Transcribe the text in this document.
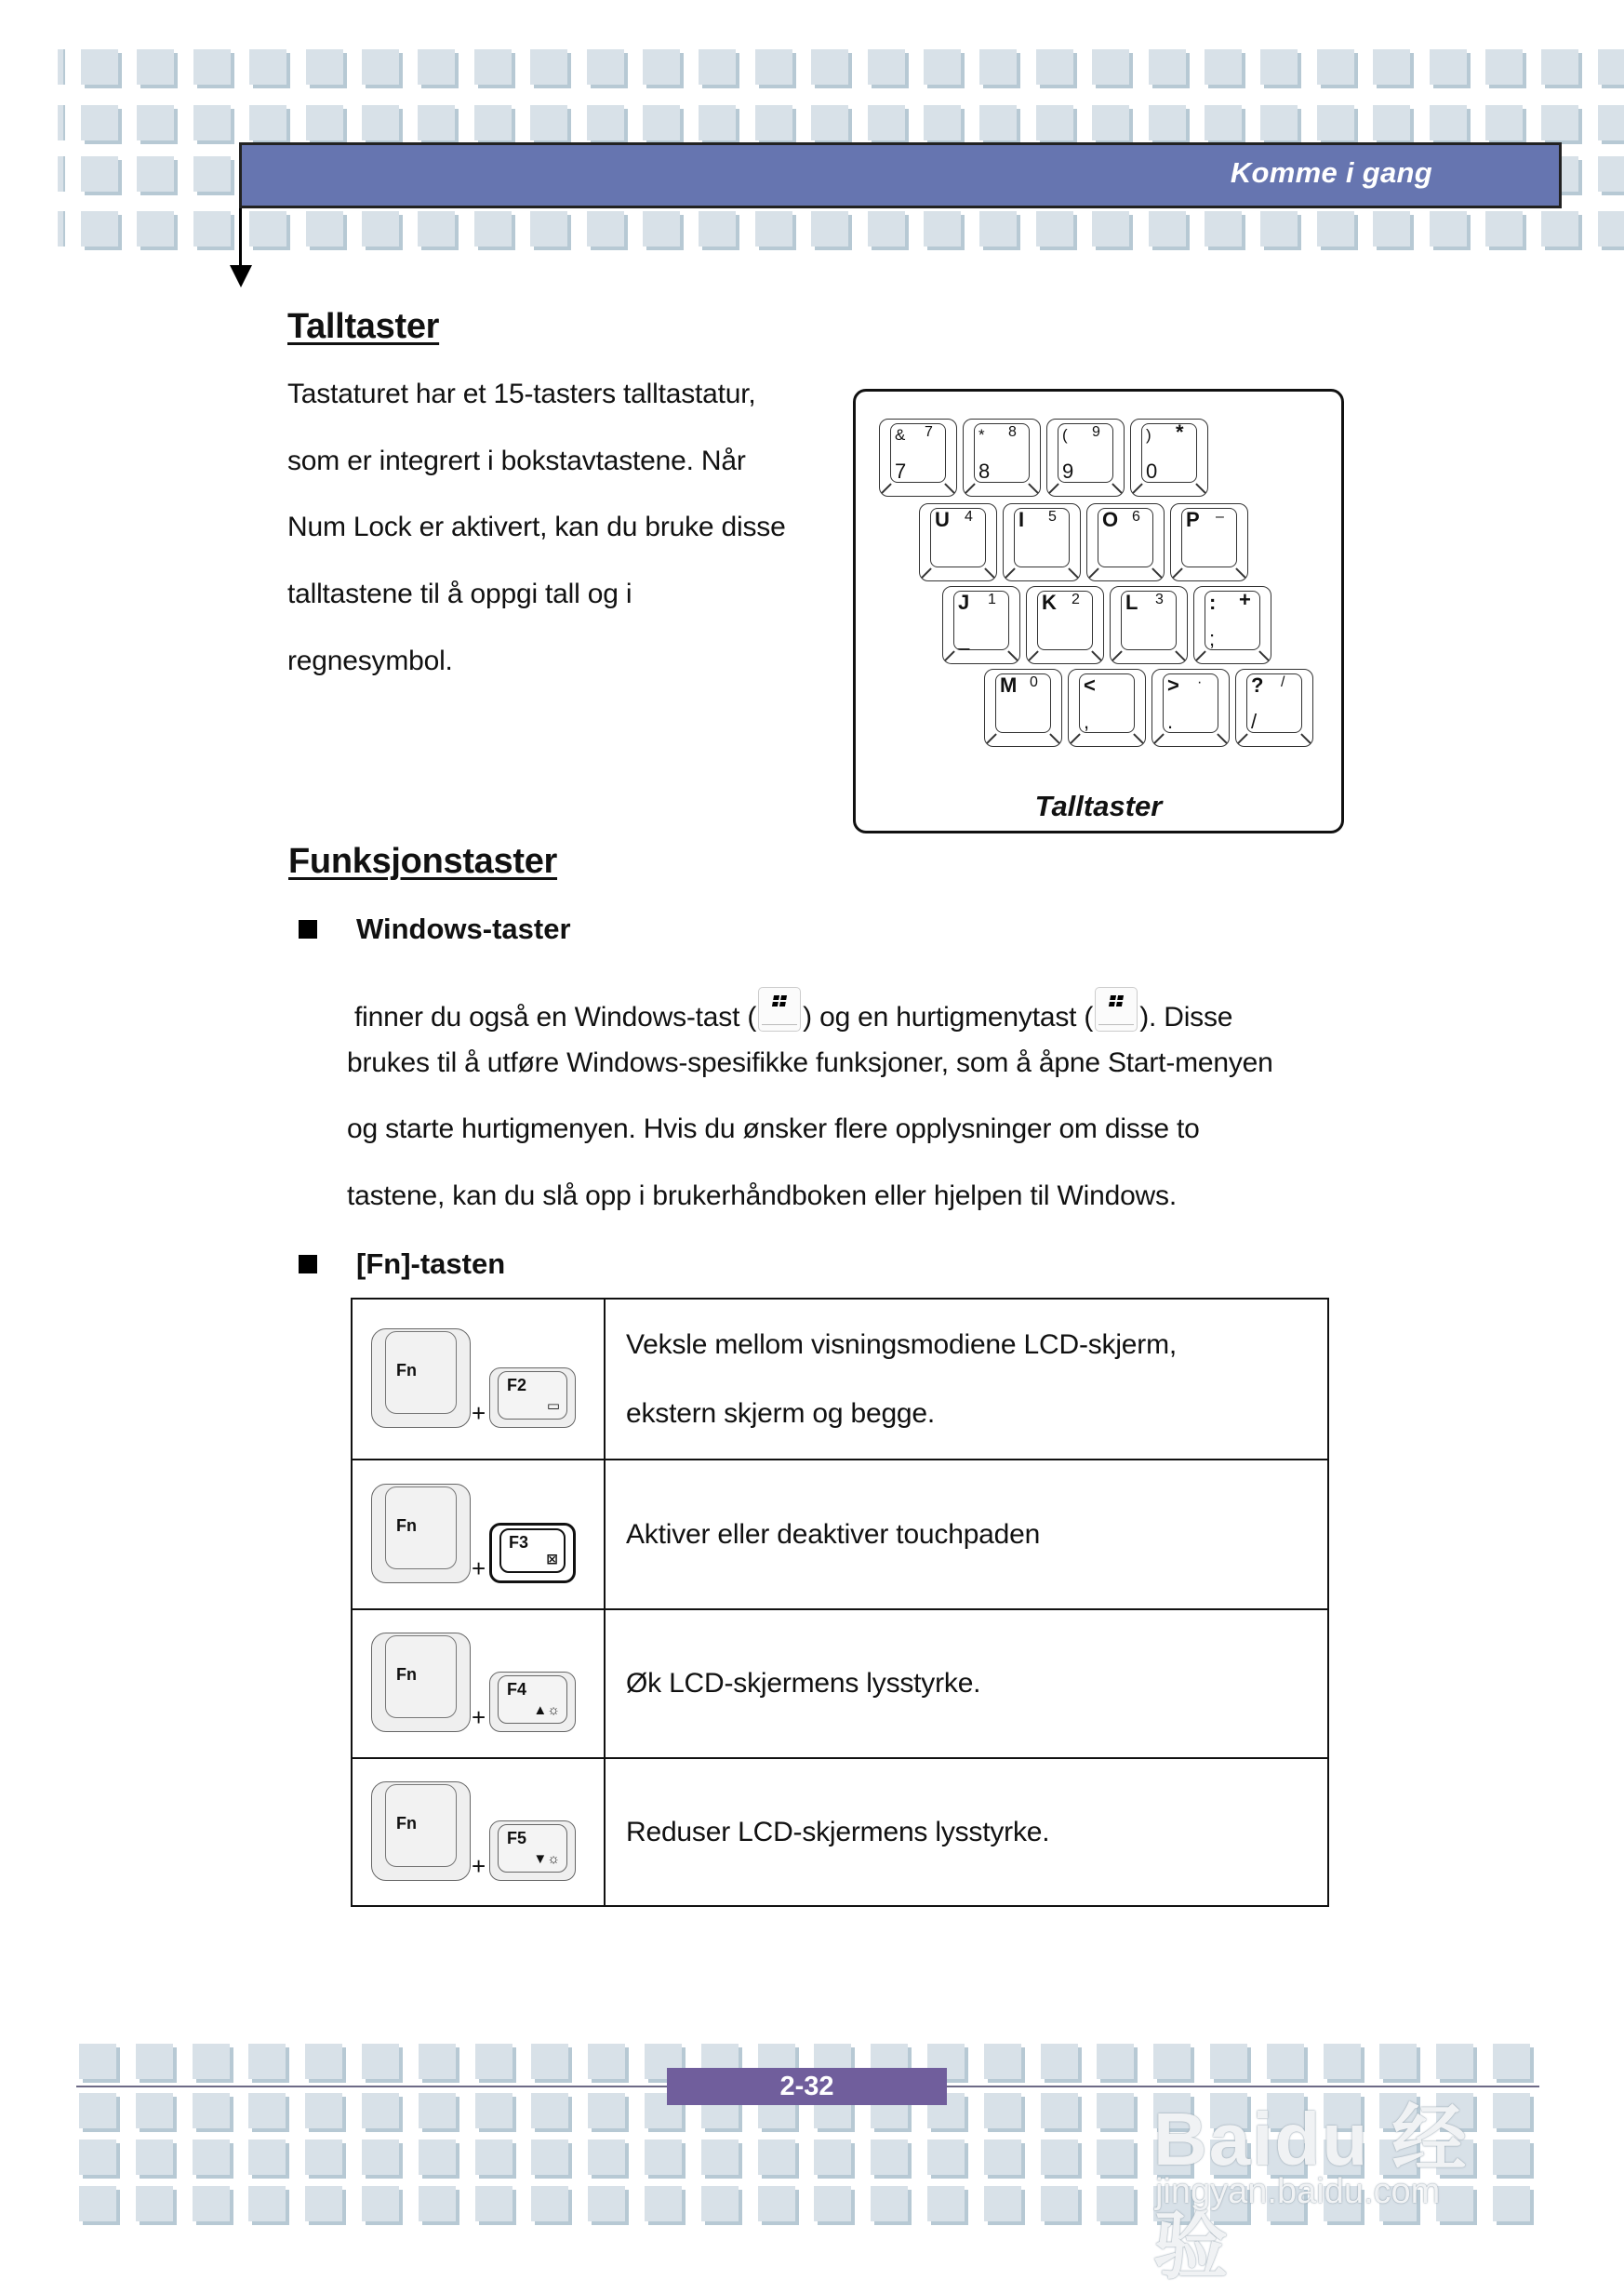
Komme i gang
Talltaster
Tastaturet har et 15-tasters talltastatur,
som er integrert i bokstavtastene. Når
Num Lock er aktivert, kan du bruke disse
talltastene til å oppgi tall og i
regnesymbol.
& 7
7
* 8
8
( 9
9
) *
0
U 4 I 5 O 6 P –
J 1
_
K 2 L 3 : +
;
M 0 <
,
> ·
.
? /
/
Talltaster
Funksjonstaster
Windows-taster
finner du også en Windows-tast ( ) og en hurtigmenytast ( ). Disse
brukes til å utføre Windows-spesifikke funksjoner, som å åpne Start-menyen
og starte hurtigmenyen. Hvis du ønsker flere opplysninger om disse to
tastene, kan du slå opp i brukerhåndboken eller hjelpen til Windows.
[Fn]-tasten
Fn
+
F2
▭

Veksle mellom visningsmodiene LCD-skjerm,
ekstern skjerm og begge.

Fn
+
F3
⊠	Aktiver eller deaktiver touchpaden

Fn
+
F4
▲☼	Øk LCD-skjermens lysstyrke.

Fn
+
F5
▼☼	Reduser LCD-skjermens lysstyrke.
2-32
Baidu 经验
jingyan.baidu.com
